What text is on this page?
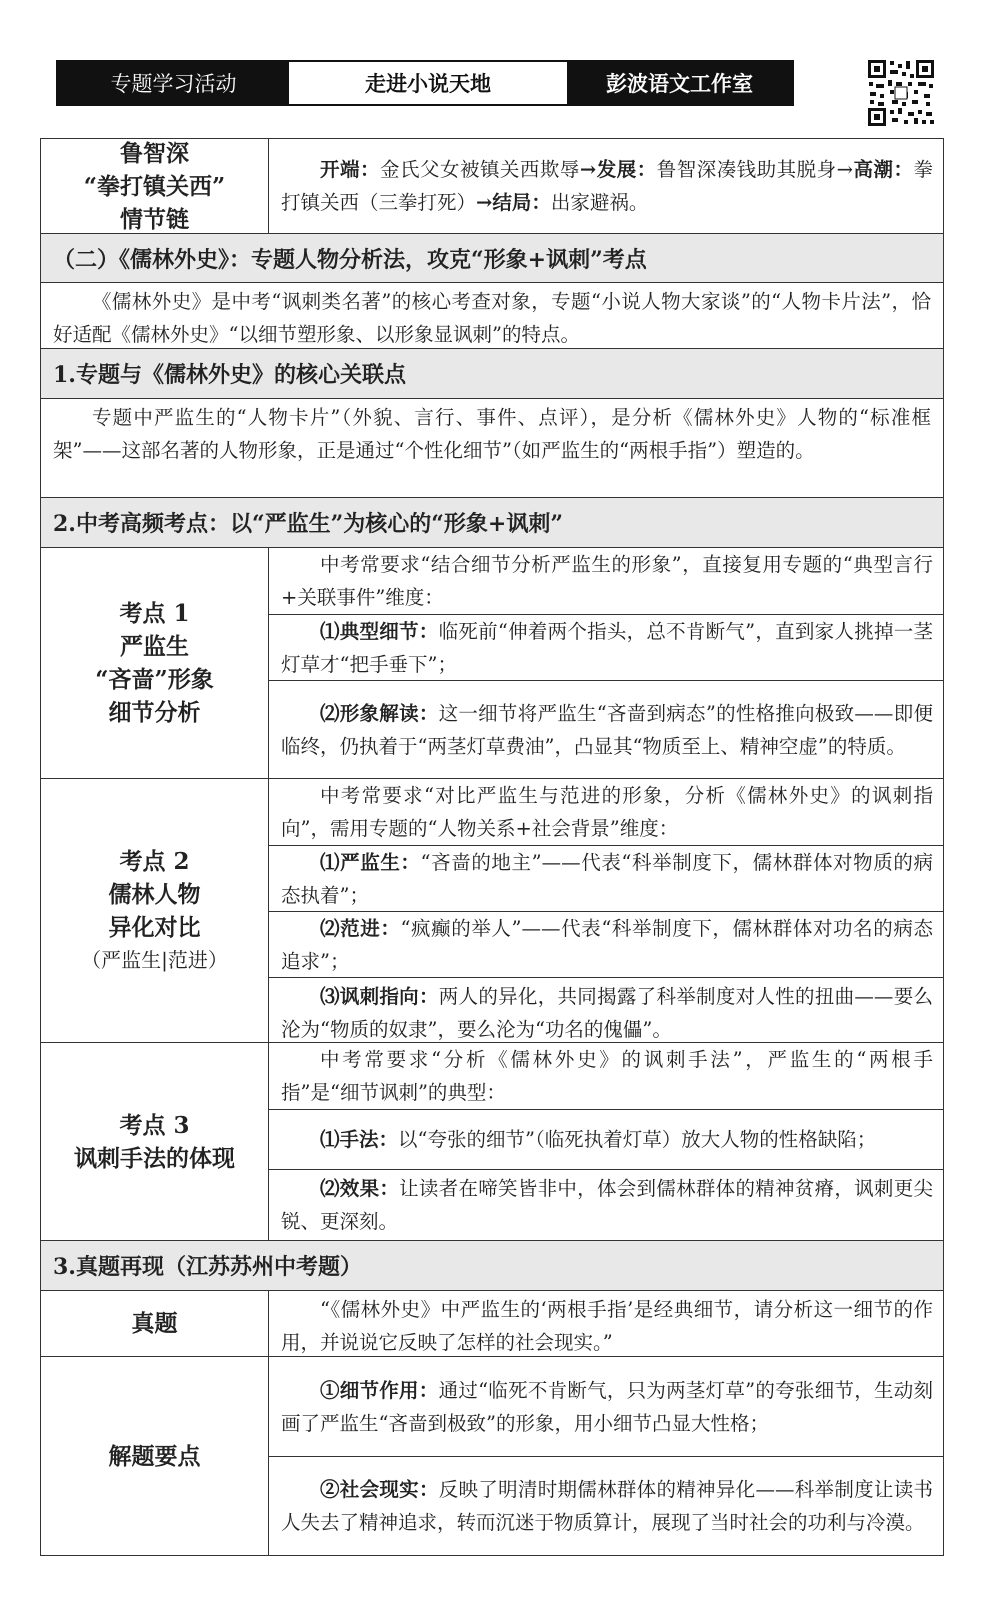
专题学习活动	走进小说天地	彭波语文工作室
鲁智深
“拳打镇关西”
情节链
开端：金氏父女被镇关西欺辱→发展：鲁智深凑钱助其脱身→高潮：拳打镇关西（三拳打死）→结局：出家避祸。
（二）《儒林外史》：专题人物分析法，攻克“形象+讽刺”考点
《儒林外史》是中考“讽刺类名著”的核心考查对象，专题“小说人物大家谈”的“人物卡片法”，恰好适配《儒林外史》“以细节塑形象、以形象显讽刺”的特点。
1.专题与《儒林外史》的核心关联点
专题中严监生的“人物卡片”（外貌、言行、事件、点评），是分析《儒林外史》人物的“标准框架”——这部名著的人物形象，正是通过“个性化细节”（如严监生的“两根手指”）塑造的。
2.中考高频考点：以“严监生”为核心的“形象+讽刺”
考点 1
严监生
“吝啬”形象
细节分析
中考常要求“结合细节分析严监生的形象”，直接复用专题的“典型言行+关联事件”维度：
⑴典型细节：临死前“伸着两个指头，总不肯断气”，直到家人挑掉一茎灯草才“把手垂下”；
⑵形象解读：这一细节将严监生“吝啬到病态”的性格推向极致——即便临终，仍执着于“两茎灯草费油”，凸显其“物质至上、精神空虚”的特质。
考点 2
儒林人物
异化对比
（严监生|范进）
中考常要求“对比严监生与范进的形象，分析《儒林外史》的讽刺指向”，需用专题的“人物关系+社会背景”维度：
⑴严监生：“吝啬的地主”——代表“科举制度下，儒林群体对物质的病态执着”；
⑵范进：“疯癫的举人”——代表“科举制度下，儒林群体对功名的病态追求”；
⑶讽刺指向：两人的异化，共同揭露了科举制度对人性的扭曲——要么沦为“物质的奴隶”，要么沦为“功名的傀儡”。
考点 3
讽刺手法的体现
中考常要求“分析《儒林外史》的讽刺手法”，严监生的“两根手指”是“细节讽刺”的典型：
⑴手法：以“夸张的细节”（临死执着灯草）放大人物的性格缺陷；
⑵效果：让读者在啼笑皆非中，体会到儒林群体的精神贫瘠，讽刺更尖锐、更深刻。
3.真题再现（江苏苏州中考题）
真题
“《儒林外史》中严监生的‘两根手指’是经典细节，请分析这一细节的作用，并说说它反映了怎样的社会现实。”
解题要点
①细节作用：通过“临死不肯断气，只为两茎灯草”的夸张细节，生动刻画了严监生“吝啬到极致”的形象，用小细节凸显大性格；
②社会现实：反映了明清时期儒林群体的精神异化——科举制度让读书人失去了精神追求，转而沉迷于物质算计，展现了当时社会的功利与冷漠。
